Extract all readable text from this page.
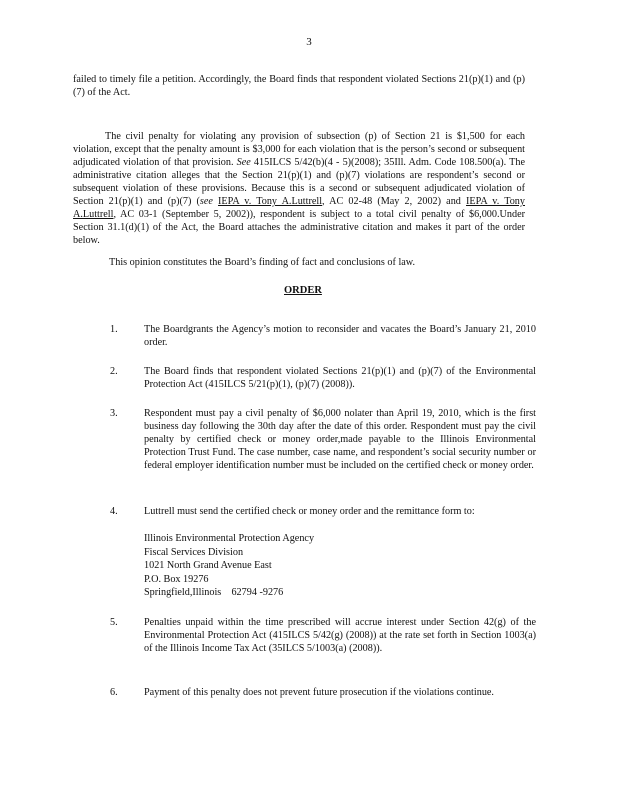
3

failed to timely file a petition. Accordingly, the Board finds that respondent violated Sections 21(p)(1) and (p)(7) of the Act.

The civil penalty for violating any provision of subsection (p) of Section 21 is $1,500 for each violation, except that the penalty amount is $3,000 for each violation that is the person’s second or subsequent adjudicated violation of that provision. See 415ILCS 5/42(b)(4 - 5)(2008); 35Ill. Adm. Code 108.500(a). The administrative citation alleges that the Section 21(p)(1) and (p)(7) violations are respondent’s second or subsequent violation of these provisions. Because this is a second or subsequent adjudicated violation of Section 21(p)(1) and (p)(7) (see IEPA v. Tony A.Luttrell, AC 02-48 (May 2, 2002) and IEPA v. Tony A.Luttrell, AC 03-1 (September 5, 2002)), respondent is subject to a total civil penalty of $6,000.Under Section 31.1(d)(1) of the Act, the Board attaches the administrative citation and makes it part of the order below.

This opinion constitutes the Board’s finding of fact and conclusions of law.

ORDER
1.	The Boardgrants the Agency’s motion to reconsider and vacates the Board’s January 21, 2010 order.
2.	The Board finds that respondent violated Sections 21(p)(1) and (p)(7) of the Environmental Protection Act (415ILCS 5/21(p)(1), (p)(7) (2008)).
3.	Respondent must pay a civil penalty of $6,000 nolater than April 19, 2010, which is the first business day following the 30th day after the date of this order. Respondent must pay the civil penalty by certified check or money order,made payable to the Illinois Environmental Protection Trust Fund. The case number, case name, and respondent’s social security number or federal employer identification number must be included on the certified check or money order.
4.	Luttrell must send the certified check or money order and the remittance form to:
Illinois Environmental Protection Agency
Fiscal Services Division
1021 North Grand Avenue East
P.O. Box 19276
Springfield,Illinois    62794 -9276
5.	Penalties unpaid within the time prescribed will accrue interest under Section 42(g) of the Environmental Protection Act (415ILCS 5/42(g) (2008)) at the rate set forth in Section 1003(a) of the Illinois Income Tax Act (35ILCS 5/1003(a) (2008)).
6.	Payment of this penalty does not prevent future prosecution if the violations continue.
